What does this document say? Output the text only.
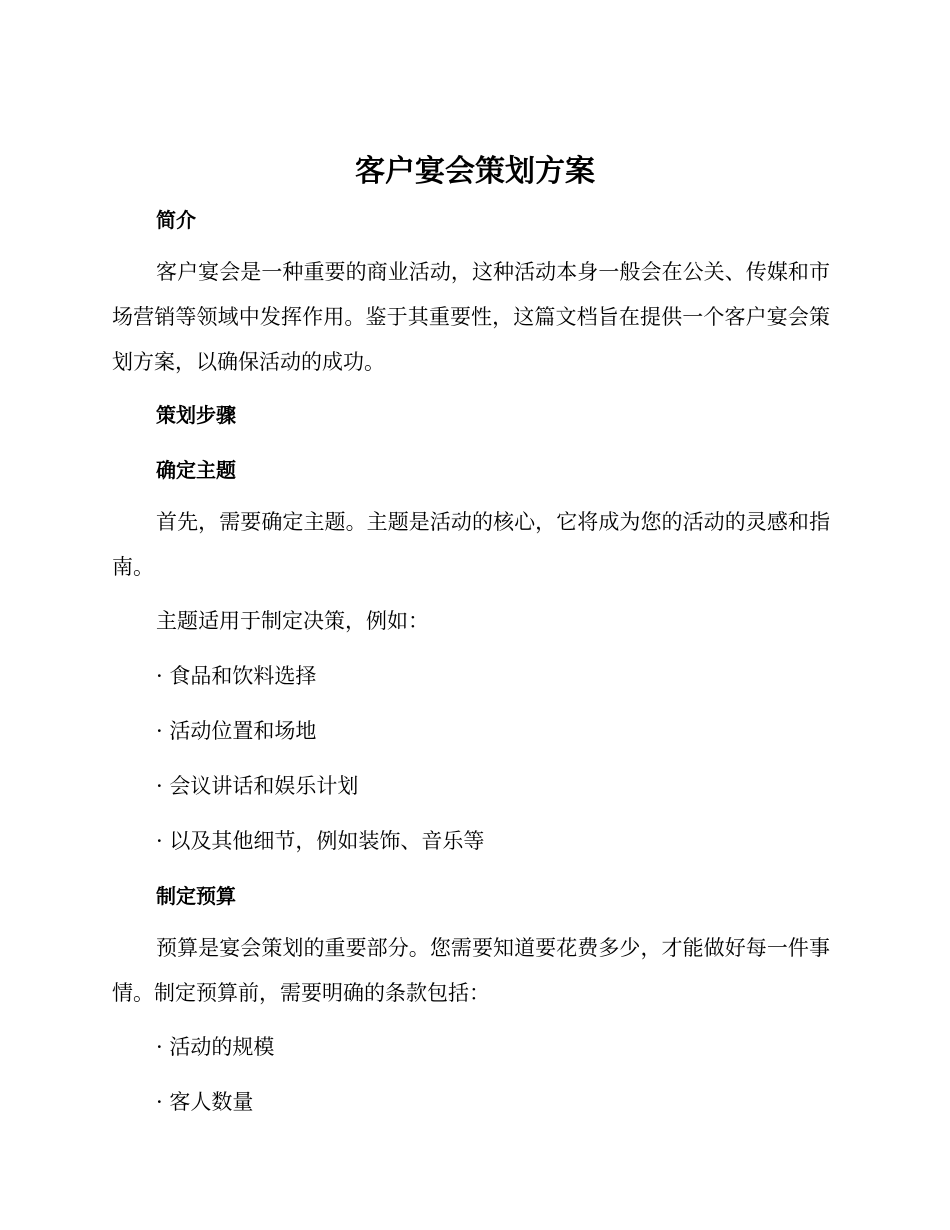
客户宴会策划方案
简介

客户宴会是一种重要的商业活动，这种活动本身一般会在公关、传媒和市场营销等领域中发挥作用。鉴于其重要性，这篇文档旨在提供一个客户宴会策划方案，以确保活动的成功。

策划步骤
确定主题

首先，需要确定主题。主题是活动的核心，它将成为您的活动的灵感和指南。

主题适用于制定决策，例如：

· 食品和饮料选择

· 活动位置和场地

· 会议讲话和娱乐计划

· 以及其他细节，例如装饰、音乐等

制定预算

预算是宴会策划的重要部分。您需要知道要花费多少，才能做好每一件事情。制定预算前，需要明确的条款包括：

· 活动的规模

· 客人数量
